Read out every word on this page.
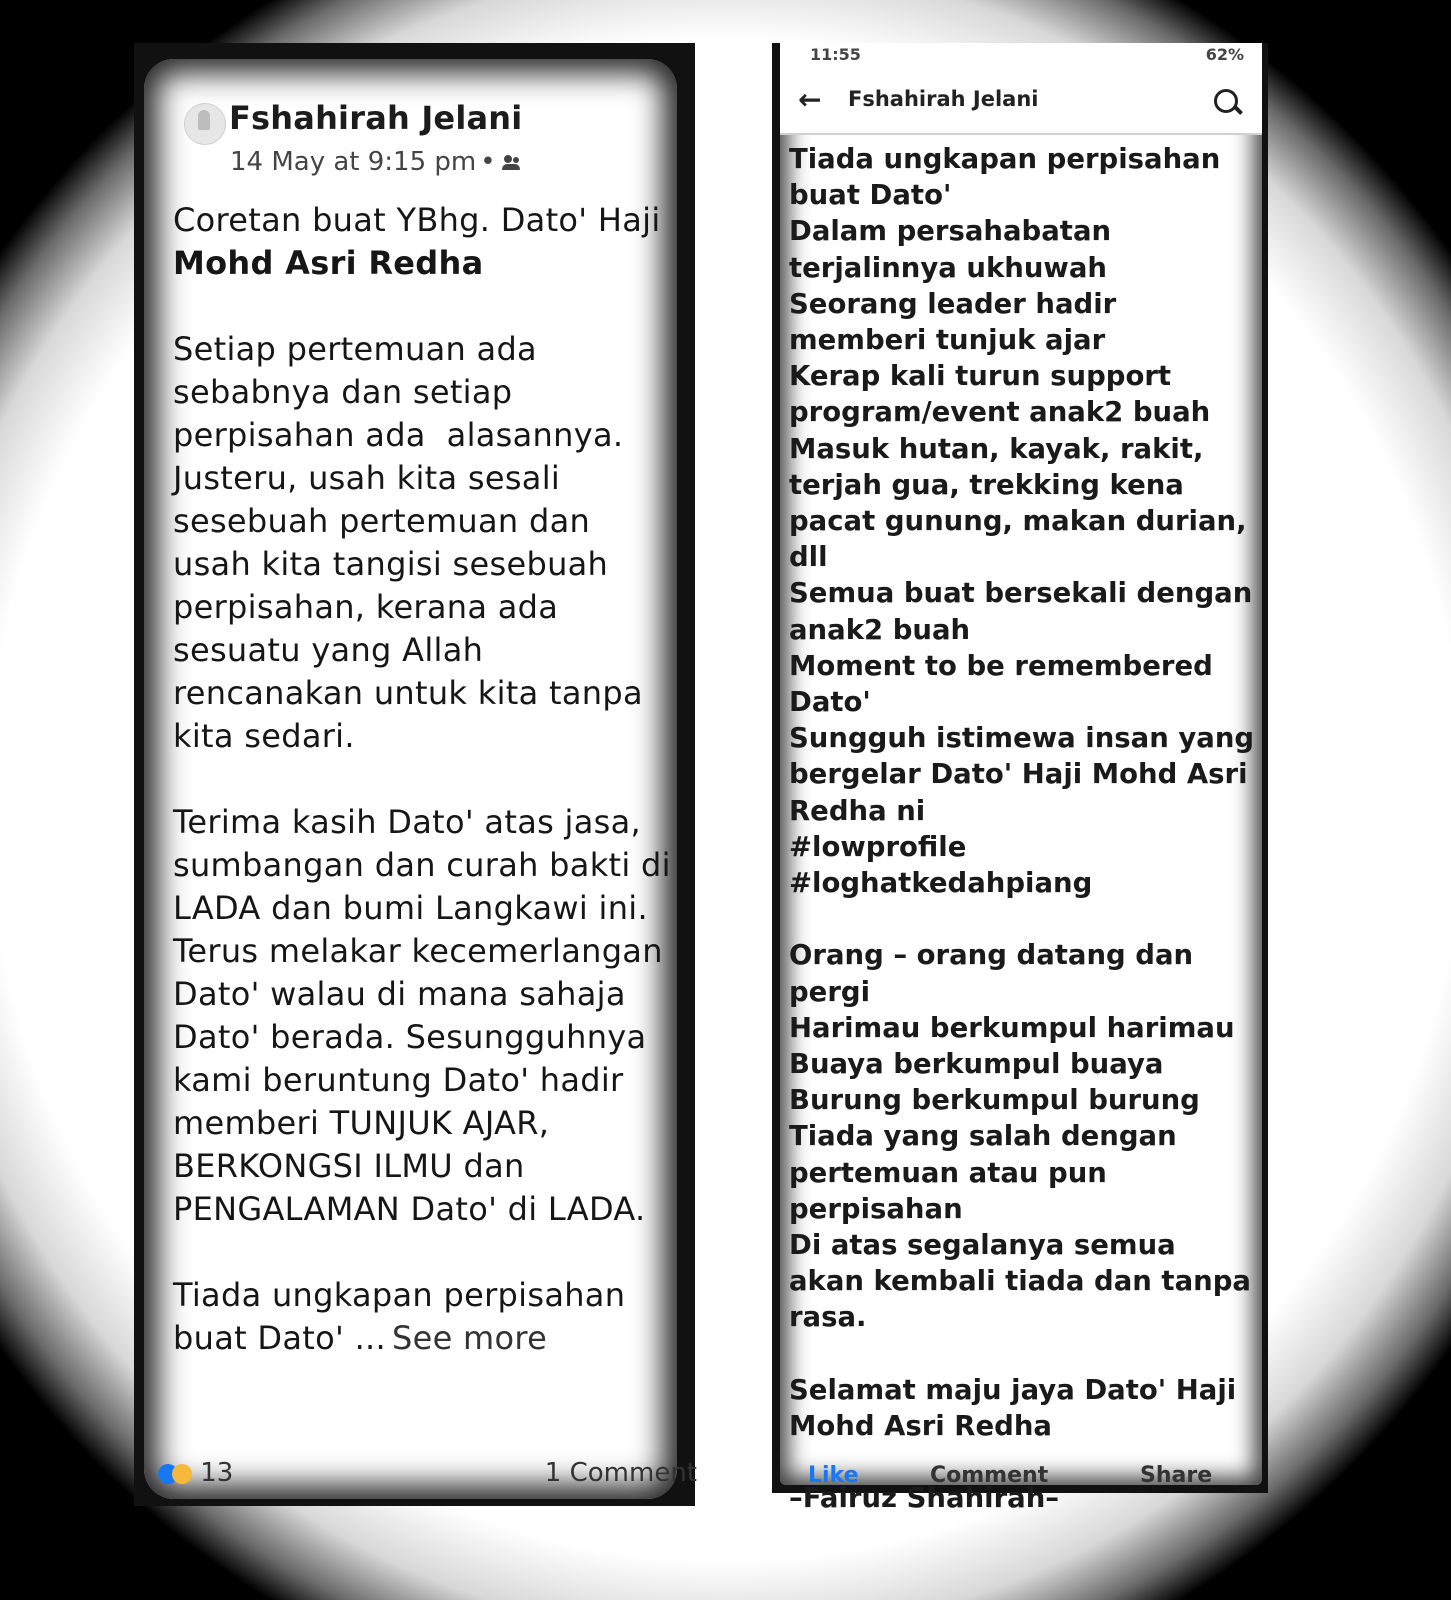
Fshahirah Jelani
14 May at 9:15 pm •

Coretan buat YBhg. Dato' Haji Mohd Asri Redha

Setiap pertemuan ada sebabnya dan setiap perpisahan ada  alasannya. Justeru, usah kita sesali sesebuah pertemuan dan usah kita tangisi sesebuah perpisahan, kerana ada sesuatu yang Allah rencanakan untuk kita tanpa kita sedari.

Terima kasih Dato' atas jasa, sumbangan dan curah bakti di LADA dan bumi Langkawi ini. Terus melakar kecemerlangan Dato' walau di mana sahaja Dato' berada. Sesungguhnya kami beruntung Dato' hadir memberi TUNJUK AJAR, BERKONGSI ILMU dan PENGALAMAN Dato' di LADA.

Tiada ungkapan perpisahan buat Dato' ... See more

13	1 Comment
11:55	62%
← Fshahirah Jelani

Tiada ungkapan perpisahan buat Dato'

Dalam persahabatan terjalinnya ukhuwah

Seorang leader hadir memberi tunjuk ajar

Kerap kali turun support program/event anak2 buah

Masuk hutan, kayak, rakit, terjah gua, trekking kena pacat gunung, makan durian, dll

Semua buat bersekali dengan anak2 buah

Moment to be remembered Dato'

Sungguh istimewa insan yang bergelar Dato' Haji Mohd Asri Redha ni

#lowprofile

#loghatkedahpiang

Orang – orang datang dan pergi

Harimau berkumpul harimau

Buaya berkumpul buaya

Burung berkumpul burung

Tiada yang salah dengan pertemuan atau pun perpisahan

Di atas segalanya semua akan kembali tiada dan tanpa rasa.

Selamat maju jaya Dato' Haji Mohd Asri Redha

–Fairuz Shahirah–

Like	Comment	Share
